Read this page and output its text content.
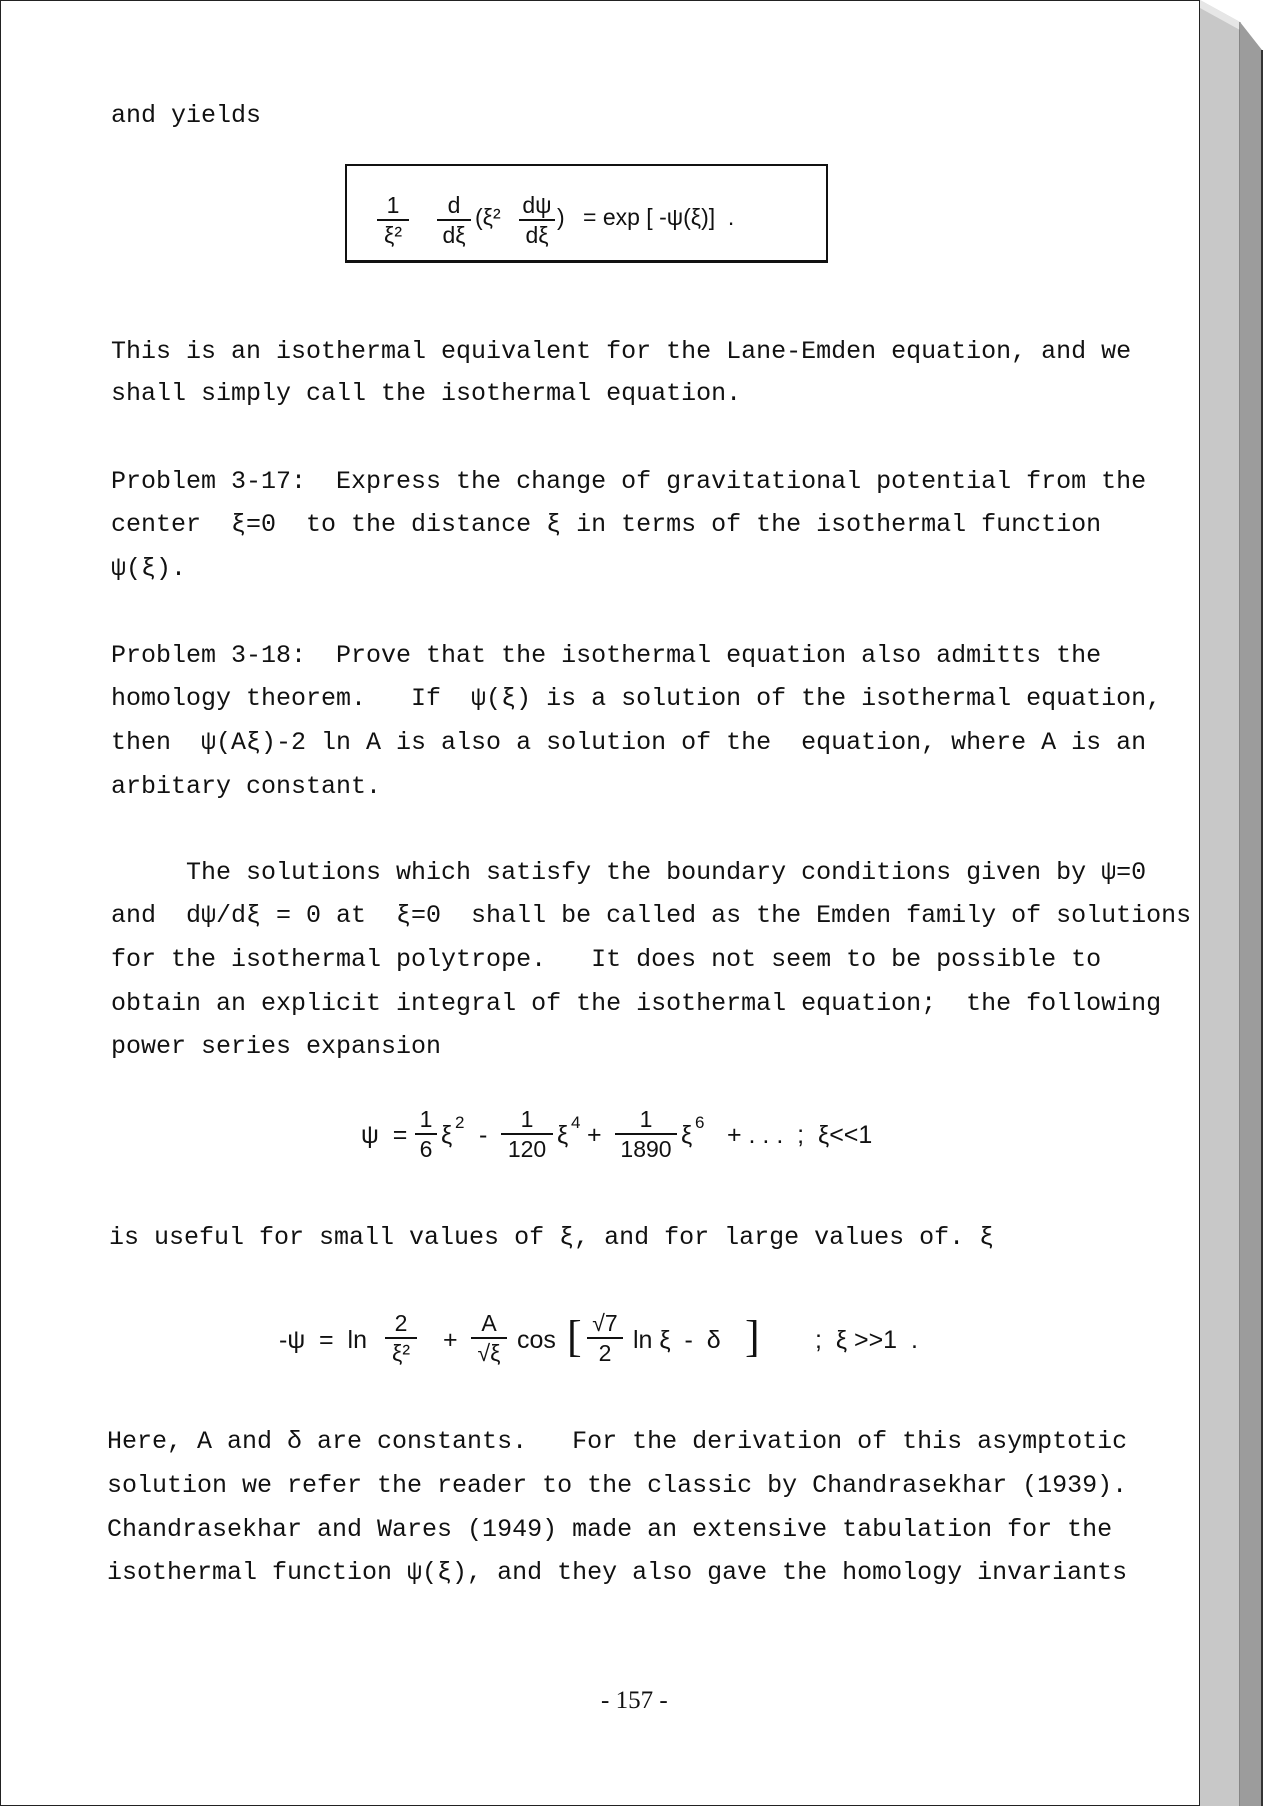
and yields
$\frac{1}{\text{ξ²}} \frac{d}{d\xi} (\xi^2 \frac{d\psi}{d\xi}$ ) = exp [ -ψ(ξ)]  .
This is an isothermal equivalent for the Lane-Emden equation, and we
shall simply call the isothermal equation.
Problem 3-17:  Express the change of gravitational potential from the
center  ξ=0  to the distance ξ in terms of the isothermal function
ψ(ξ).
Problem 3-18:  Prove that the isothermal equation also admitts the
homology theorem.   If  ψ(ξ) is a solution of the isothermal equation,
then  ψ(Aξ)-2 ln A is also a solution of the  equation, where A is an
arbitary constant.
The solutions which satisfy the boundary conditions given by ψ=0
and  dψ/dξ = 0 at  ξ=0  shall be called as the Emden family of solutions
for the isothermal polytrope.   It does not seem to be possible to
obtain an explicit integral of the isothermal equation;  the following
power series expansion
$\psi = \frac{1}{6}$ ξ $2 - \frac{1}{120}$ ξ $4 + \frac{1}{1890}$ ξ 6 + . . .  ;  ξ<<1
is useful for small values of ξ, and for large values of. ξ
$-\psi = \ln \frac{2}{\text{ξ²}} + \frac{A}{√\xi}$ cos [ $\frac{√7}{2}$ ln ξ  -  δ ] ;  ξ >>1  .
Here, A and δ are constants.   For the derivation of this asymptotic
solution we refer the reader to the classic by Chandrasekhar (1939).
Chandrasekhar and Wares (1949) made an extensive tabulation for the
isothermal function ψ(ξ), and they also gave the homology invariants
- 157 -
